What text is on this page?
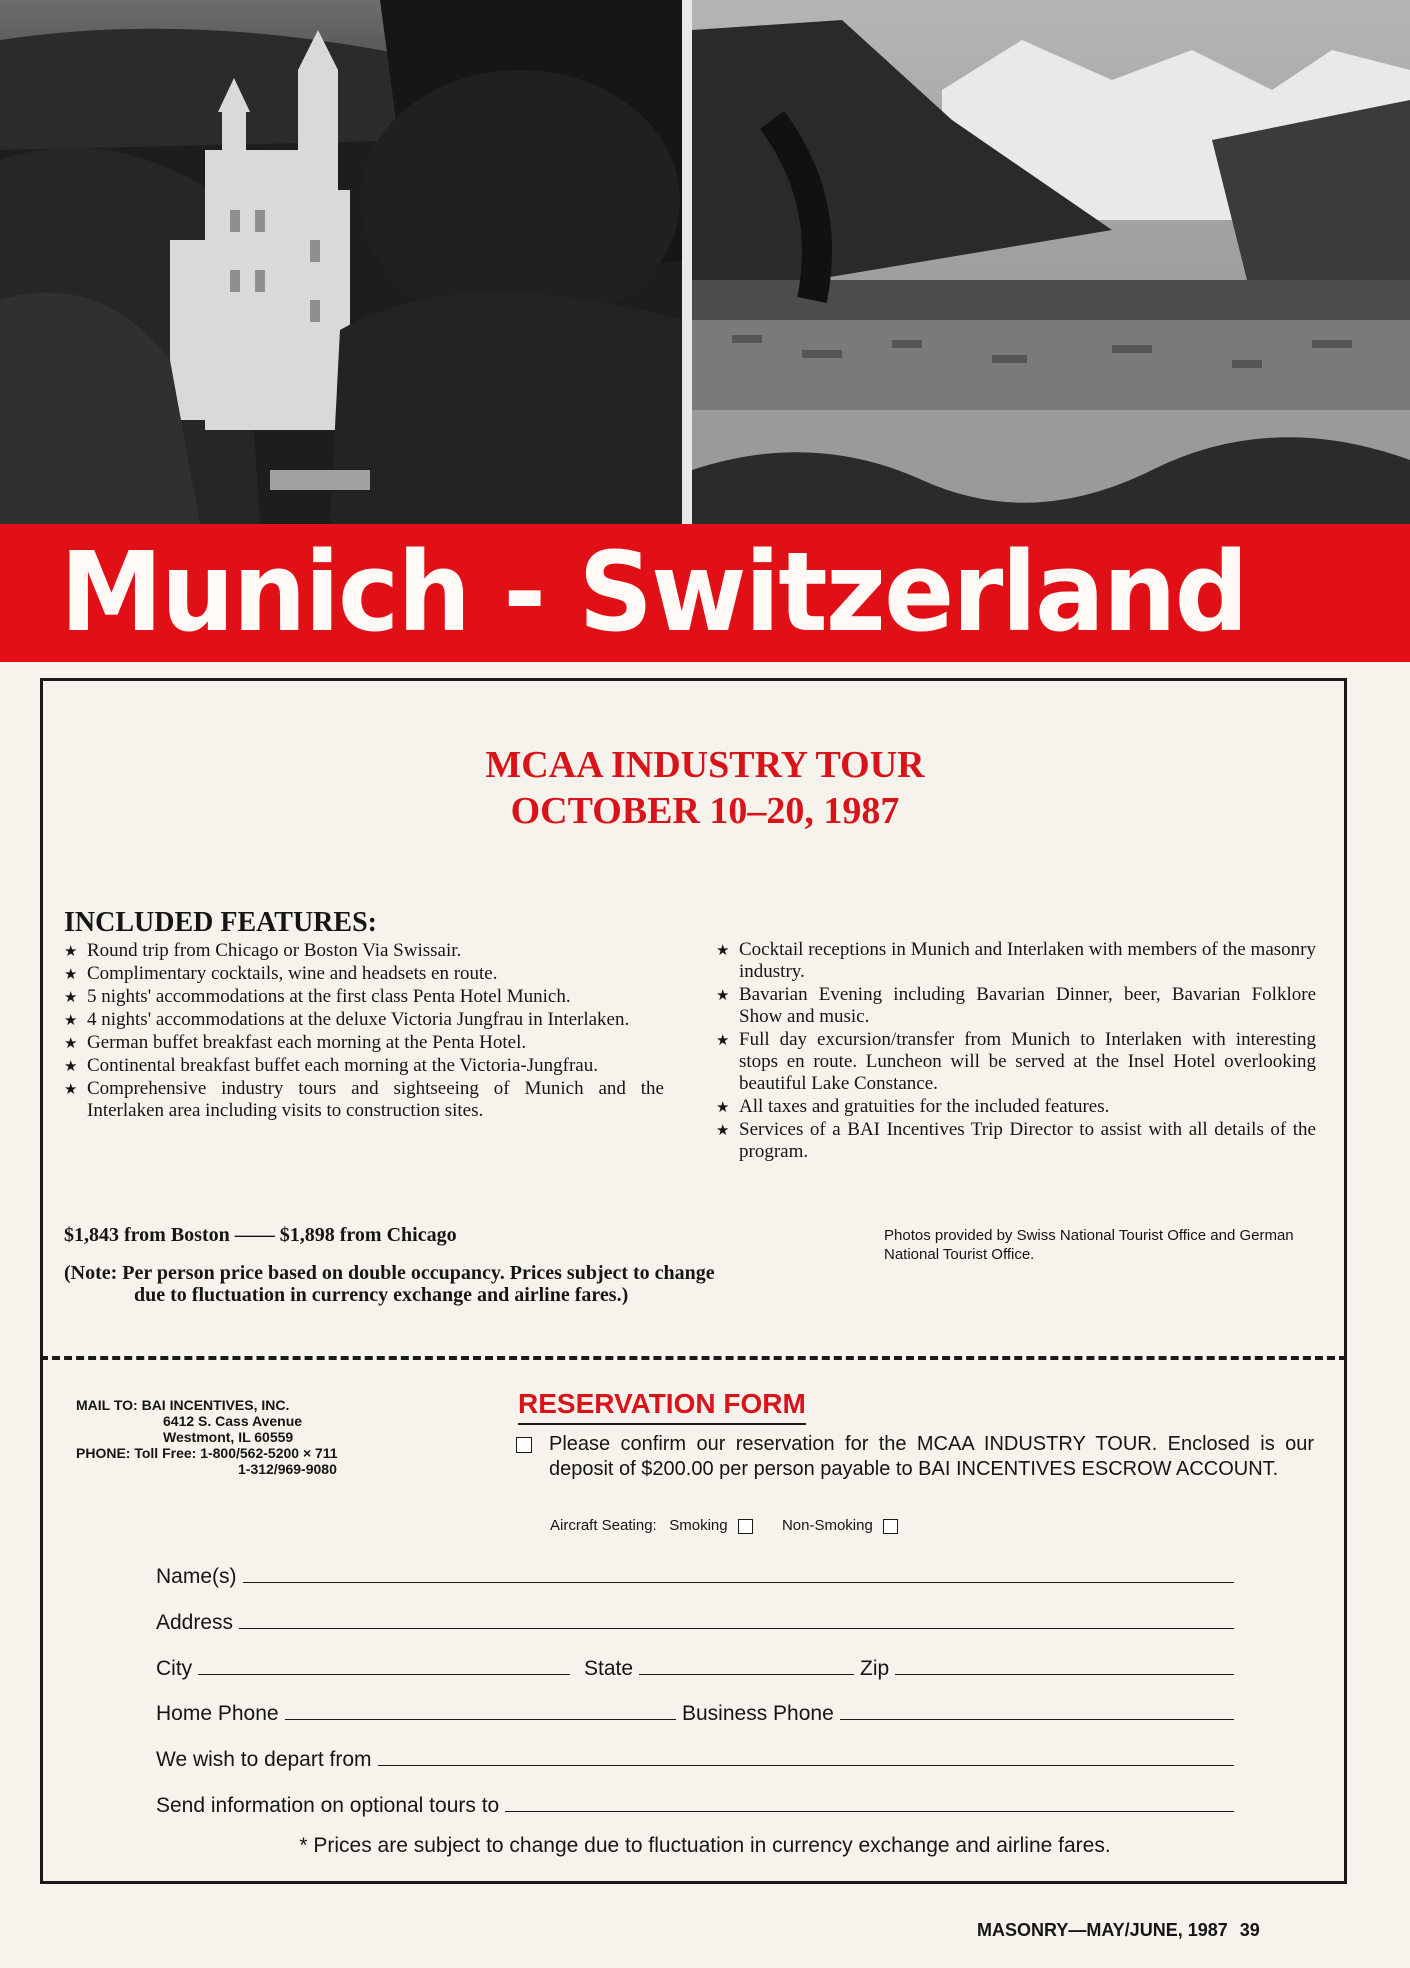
Munich - Switzerland
MCAA INDUSTRY TOUR
OCTOBER 10–20, 1987
INCLUDED FEATURES:
★ Round trip from Chicago or Boston Via Swissair.
★ Complimentary cocktails, wine and headsets en route.
★ 5 nights' accommodations at the first class Penta Hotel Munich.
★ 4 nights' accommodations at the deluxe Victoria Jungfrau in Interlaken.
★ German buffet breakfast each morning at the Penta Hotel.
★ Continental breakfast buffet each morning at the Victoria-Jungfrau.
★ Comprehensive industry tours and sightseeing of Munich and the Interlaken area including visits to construction sites.
★ Cocktail receptions in Munich and Interlaken with members of the masonry industry.
★ Bavarian Evening including Bavarian Dinner, beer, Bavarian Folklore Show and music.
★ Full day excursion/transfer from Munich to Interlaken with interesting stops en route. Luncheon will be served at the Insel Hotel overlooking beautiful Lake Constance.
★ All taxes and gratuities for the included features.
★ Services of a BAI Incentives Trip Director to assist with all details of the program.
$1,843 from Boston —— $1,898 from Chicago
(Note: Per person price based on double occupancy. Prices subject to change
due to fluctuation in currency exchange and airline fares.)
Photos provided by Swiss National Tourist Office and German National Tourist Office.
MAIL TO: BAI INCENTIVES, INC.
6412 S. Cass Avenue
Westmont, IL 60559
PHONE: Toll Free: 1-800/562-5200 × 711
1-312/969-9080
RESERVATION FORM
Please confirm our reservation for the MCAA INDUSTRY TOUR. Enclosed is our deposit of $200.00 per person payable to BAI INCENTIVES ESCROW ACCOUNT.
Aircraft Seating: Smoking	Non-Smoking
Name(s)
Address
City	State	Zip
Home Phone	Business Phone
We wish to depart from
Send information on optional tours to
* Prices are subject to change due to fluctuation in currency exchange and airline fares.
MASONRY—MAY/JUNE, 1987 39
